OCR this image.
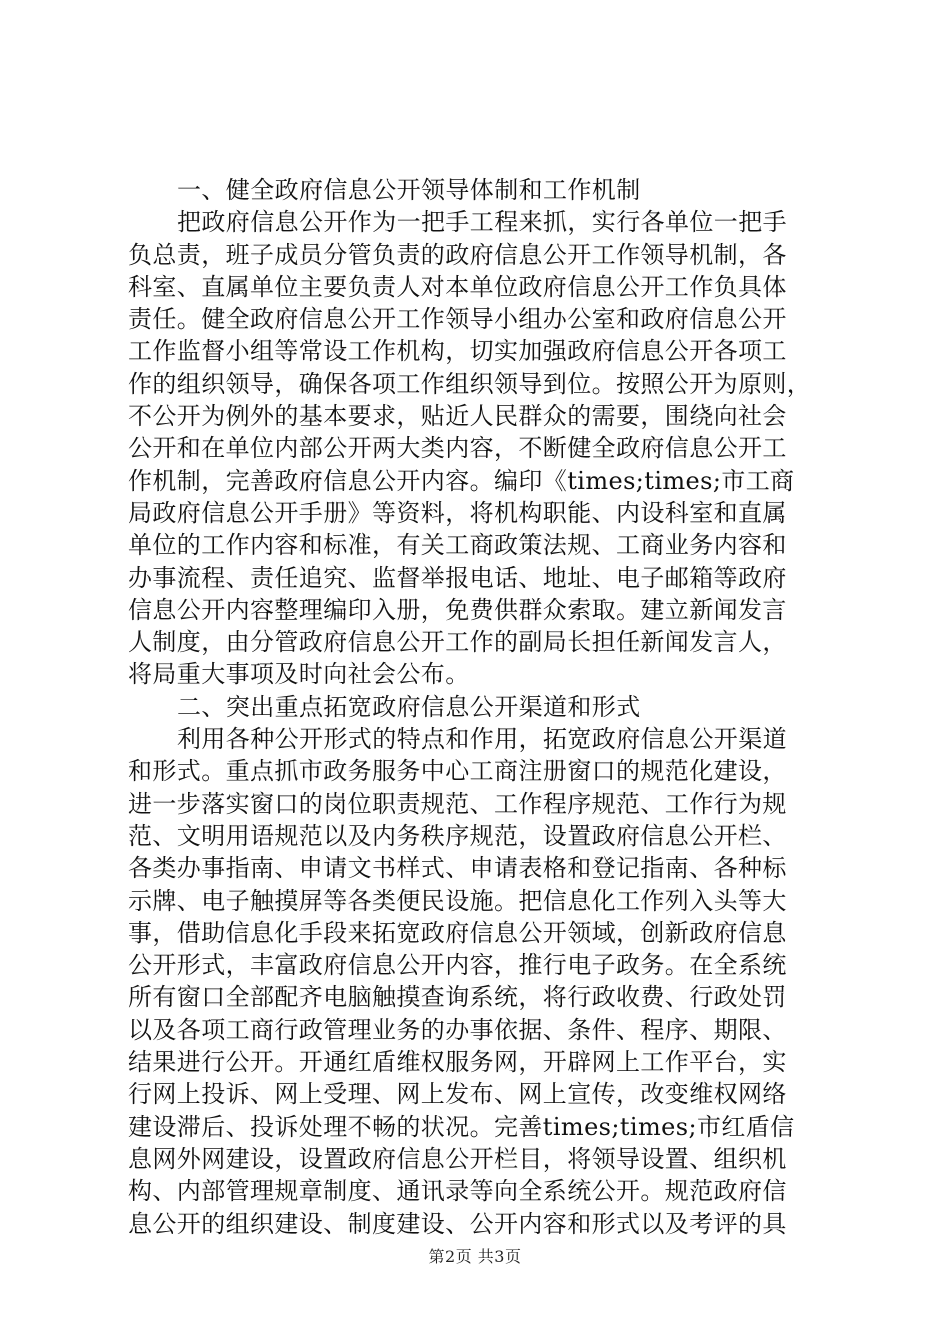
一、健全政府信息公开领导体制和工作机制
把政府信息公开作为一把手工程来抓，实行各单位一把手
负总责，班子成员分管负责的政府信息公开工作领导机制，各
科室、直属单位主要负责人对本单位政府信息公开工作负具体
责任。健全政府信息公开工作领导小组办公室和政府信息公开
工作监督小组等常设工作机构，切实加强政府信息公开各项工
作的组织领导，确保各项工作组织领导到位。按照公开为原则，
不公开为例外的基本要求，贴近人民群众的需要，围绕向社会
公开和在单位内部公开两大类内容，不断健全政府信息公开工
作机制，完善政府信息公开内容。编印《times;times;市工商
局政府信息公开手册》等资料，将机构职能、内设科室和直属
单位的工作内容和标准，有关工商政策法规、工商业务内容和
办事流程、责任追究、监督举报电话、地址、电子邮箱等政府
信息公开内容整理编印入册，免费供群众索取。建立新闻发言
人制度，由分管政府信息公开工作的副局长担任新闻发言人，
将局重大事项及时向社会公布。
二、突出重点拓宽政府信息公开渠道和形式
利用各种公开形式的特点和作用，拓宽政府信息公开渠道
和形式。重点抓市政务服务中心工商注册窗口的规范化建设，
进一步落实窗口的岗位职责规范、工作程序规范、工作行为规
范、文明用语规范以及内务秩序规范，设置政府信息公开栏、
各类办事指南、申请文书样式、申请表格和登记指南、各种标
示牌、电子触摸屏等各类便民设施。把信息化工作列入头等大
事，借助信息化手段来拓宽政府信息公开领域，创新政府信息
公开形式，丰富政府信息公开内容，推行电子政务。在全系统
所有窗口全部配齐电脑触摸查询系统，将行政收费、行政处罚
以及各项工商行政管理业务的办事依据、条件、程序、期限、
结果进行公开。开通红盾维权服务网，开辟网上工作平台，实
行网上投诉、网上受理、网上发布、网上宣传，改变维权网络
建设滞后、投诉处理不畅的状况。完善times;times;市红盾信
息网外网建设，设置政府信息公开栏目，将领导设置、组织机
构、内部管理规章制度、通讯录等向全系统公开。规范政府信
息公开的组织建设、制度建设、公开内容和形式以及考评的具
第2页 共3页
